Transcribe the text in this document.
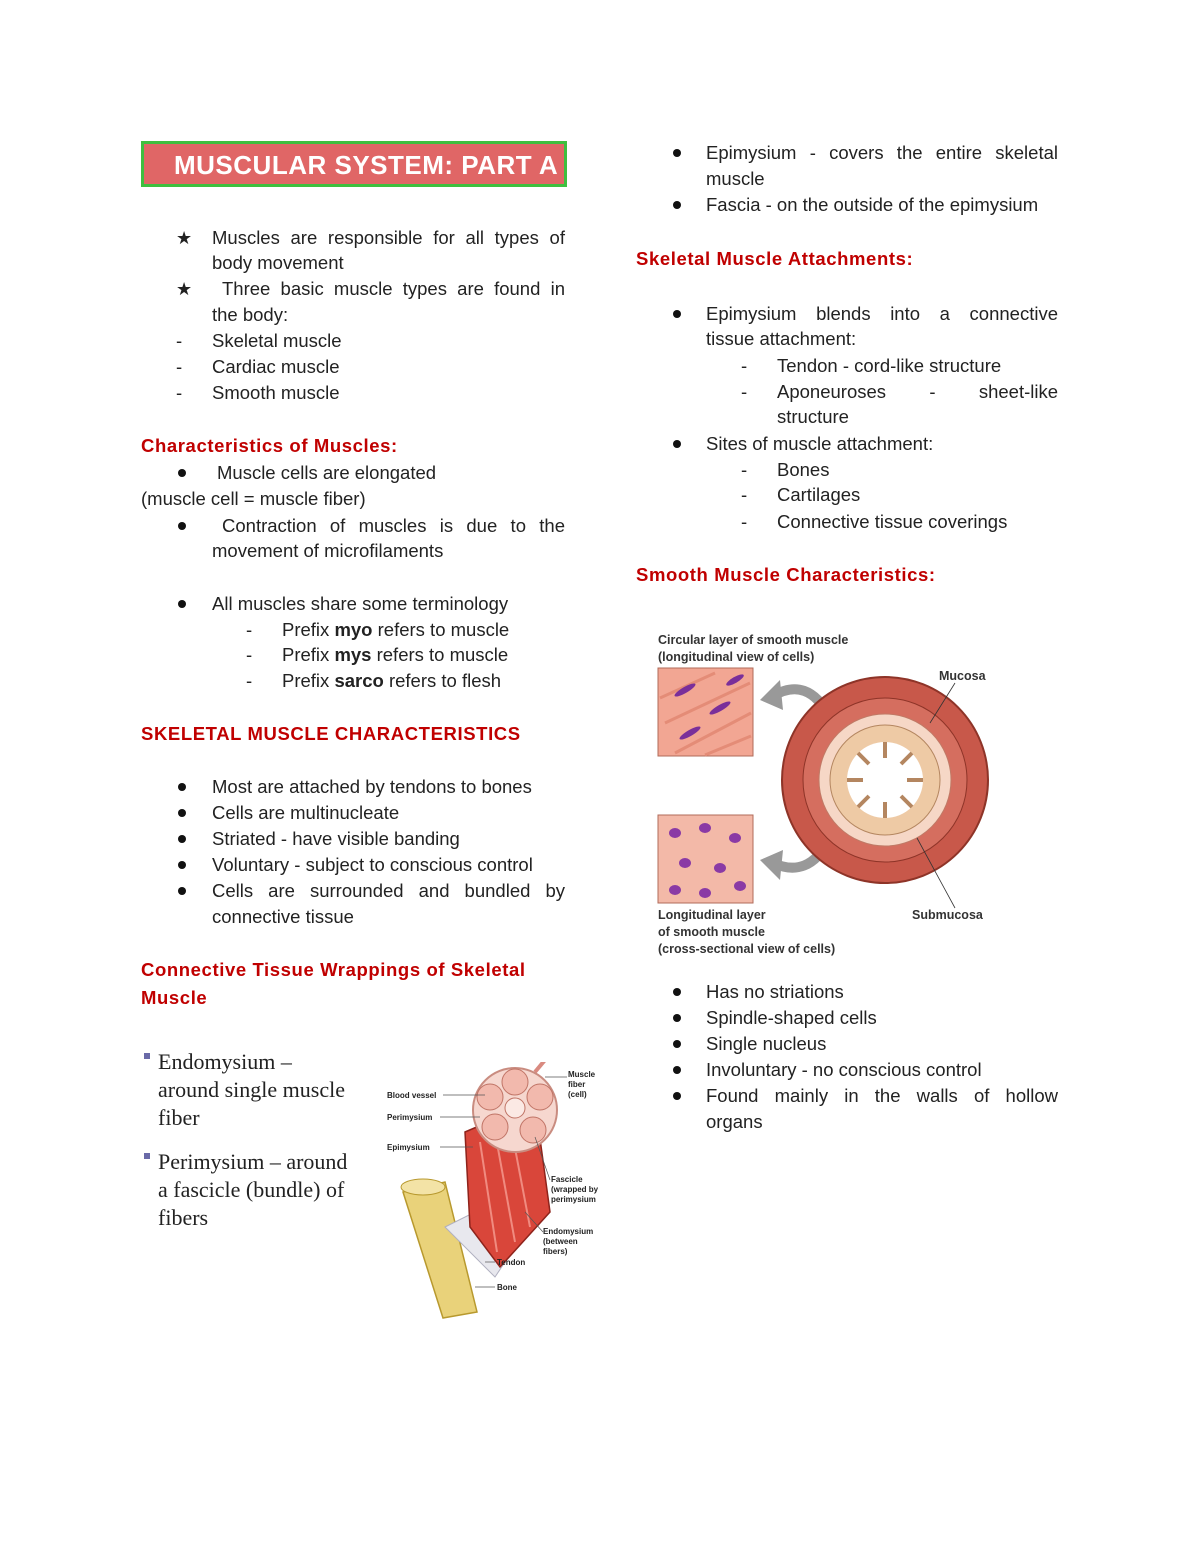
MUSCULAR SYSTEM: PART A
★ Muscles are responsible for all types of
body movement
★ Three basic muscle types are found in
the body:
- Skeletal muscle
- Cardiac muscle
- Smooth muscle
Characteristics of Muscles:
Muscle cells are elongated
(muscle cell = muscle fiber)
Contraction of muscles is due to the
movement of microfilaments
All muscles share some terminology
- Prefix myo refers to muscle
- Prefix mys refers to muscle
- Prefix sarco refers to flesh
SKELETAL MUSCLE CHARACTERISTICS
Most are attached by tendons to bones
Cells are multinucleate
Striated - have visible banding
Voluntary - subject to conscious control
Cells are surrounded and bundled by
connective tissue
Connective Tissue Wrappings of Skeletal
Muscle
Endomysium –
around single muscle
fiber
Perimysium – around
a fascicle (bundle) of
fibers
Blood vessel
Perimysium
Epimysium
Muscle
fiber
(cell)
Fascicle
(wrapped by
perimysium
Endomysium
(between
fibers)
Tendon
Bone
Epimysium - covers the entire skeletal
muscle
Fascia - on the outside of the epimysium
Skeletal Muscle Attachments:
Epimysium blends into a connective
tissue attachment:
- Tendon - cord-like structure
- Aponeuroses - sheet-like
structure
Sites of muscle attachment:
- Bones
- Cartilages
- Connective tissue coverings
Smooth Muscle Characteristics:
Circular layer of smooth muscle
(longitudinal view of cells)
Mucosa
Longitudinal layer
of smooth muscle
(cross-sectional view of cells)
Submucosa
Has no striations
Spindle-shaped cells
Single nucleus
Involuntary - no conscious control
Found mainly in the walls of hollow
organs
